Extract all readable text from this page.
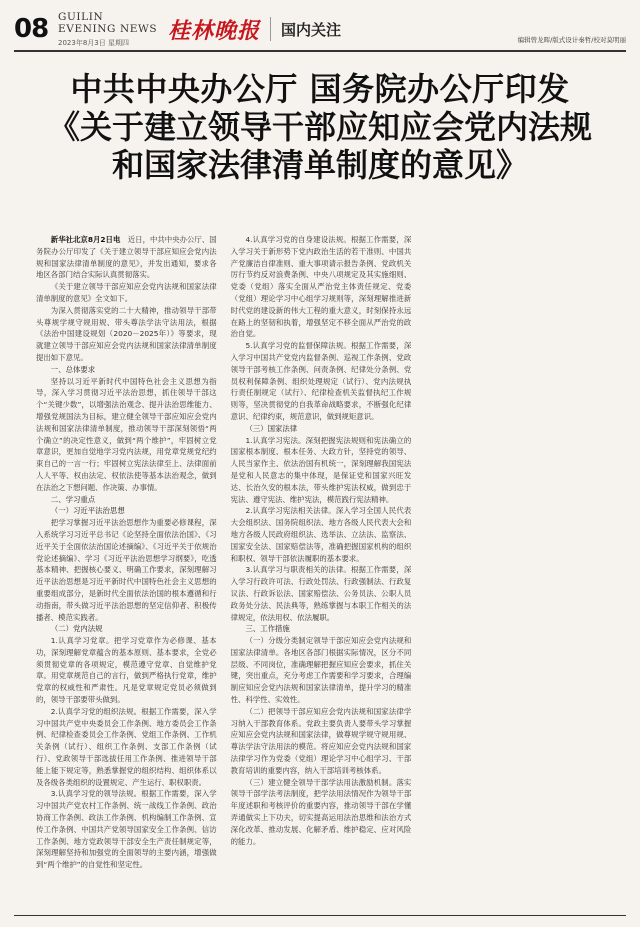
08 GUILIN EVENING NEWS
2023年8月3日 星期四	桂林晚报 国内关注
编辑曾龙晖/版式设计秦哲/校对莫明丽
中共中央办公厅 国务院办公厅印发
《关于建立领导干部应知应会党内法规
和国家法律清单制度的意见》

新华社北京8月2日电　 近日，中共中央办公厅、国务院办公厅印发了《关于建立领导干部应知应会党内法规和国家法律清单制度的意见》，并发出通知，要求各地区各部门结合实际认真贯彻落实。

《关于建立领导干部应知应会党内法规和国家法律清单制度的意见》全文如下。

为深入贯彻落实党的二十大精神，推动领导干部带头尊规学规守规用规、带头尊法学法守法用法，根据《法治中国建设规划（2020－2025年）》等要求，现就建立领导干部应知应会党内法规和国家法律清单制度提出如下意见。

一、总体要求

坚持以习近平新时代中国特色社会主义思想为指导，深入学习贯彻习近平法治思想，抓住领导干部这个“关键少数”，以增强法治观念、提升法治思维能力、增强党规国法为目标，建立健全领导干部应知应会党内法规和国家法律清单制度，推动领导干部深刻领悟“两个确立”的决定性意义，做到“两个维护”，牢固树立党章意识，更加自觉地学习党内法规，用党章党规党纪约束自己的一言一行；牢固树立宪法法律至上、法律面前人人平等、权由法定、权依法使等基本法治观念，做到在法治之下想问题、作决策、办事情。

二、学习重点

（一）习近平法治思想

把学习掌握习近平法治思想作为重要必修课程，深入系统学习习近平总书记《论坚持全面依法治国》、《习近平关于全面依法治国论述摘编》、《习近平关于依规治党论述摘编》、学习《习近平法治思想学习纲要》，吃透基本精神、把握核心要义、明确工作要求，深刻理解习近平法治思想是习近平新时代中国特色社会主义思想的重要组成部分，是新时代全面依法治国的根本遵循和行动指南，带头做习近平法治思想的坚定信仰者、积极传播者、模范实践者。

（二）党内法规

1.认真学习党章。把学习党章作为必修课、基本功，深刻理解党章蕴含的基本原则、基本要求，全党必须贯彻党章的各项规定，模范遵守党章、自觉维护党章。用党章规范自己的言行，做到严格执行党章，维护党章的权威性和严肃性。凡是党章规定党员必须做到的，领导干部要带头做到。

2.认真学习党的组织法规。根据工作需要，深入学习中国共产党中央委员会工作条例、地方委员会工作条例、纪律检查委员会工作条例、党组工作条例、工作机关条例（试行）、组织工作条例、支部工作条例（试行）、党政领导干部选拔任用工作条例、推进领导干部能上能下规定等，熟悉掌握党的组织结构、组织体系以及各级各类组织的设置规定、产生运行、职权职责。

3.认真学习党的领导法规。根据工作需要，深入学习中国共产党农村工作条例、统一战线工作条例、政治协商工作条例、政法工作条例、机构编制工作条例、宣传工作条例、中国共产党领导国家安全工作条例、信访工作条例、地方党政领导干部安全生产责任制规定等，深刻理解坚持和加强党的全面领导的主要内涵，增强做到“两个维护”的自觉性和坚定性。

4.认真学习党的自身建设法规。根据工作需要，深入学习关于新形势下党内政治生活的若干准则、中国共产党廉洁自律准则、重大事项请示报告条例、党政机关厉行节约反对浪费条例、中央八项规定及其实施细则、党委（党组）落实全面从严治党主体责任规定、党委（党组）理论学习中心组学习规则等，深刻理解推进新时代党的建设新的伟大工程的重大意义，时刻保持永远在路上的坚韧和执着，增强坚定不移全面从严治党的政治自觉。

5.认真学习党的监督保障法规。根据工作需要，深入学习中国共产党党内监督条例、巡视工作条例、党政领导干部考核工作条例、问责条例、纪律处分条例、党员权利保障条例、组织处理规定（试行）、党内法规执行责任制规定（试行）、纪律检查机关监督执纪工作规则等，坚决贯彻党的自我革命战略要求，不断强化纪律意识、纪律约束，规范意识，做到规矩意识。

（三）国家法律

1.认真学习宪法。深刻把握宪法规则和宪法确立的国家根本制度、根本任务、大政方针，坚持党的领导、人民当家作主、依法治国有机统一，深刻理解我国宪法是党和人民意志的集中体现，是保证党和国家兴旺发达、长治久安的根本法，带头维护宪法权威，做到忠于宪法、遵守宪法、维护宪法，模范践行宪法精神。

2.认真学习宪法相关法律。深入学习全国人民代表大会组织法、国务院组织法、地方各级人民代表大会和地方各级人民政府组织法、选举法、立法法、监察法、国家安全法、国家赔偿法等，准确把握国家机构的组织和职权、领导干部依法履职的基本要求。

3.认真学习与职责相关的法律。根据工作需要，深入学习行政许可法、行政处罚法、行政强制法、行政复议法、行政诉讼法、国家赔偿法、公务员法、公职人员政务处分法、民法典等，熟练掌握与本职工作相关的法律规定，依法用权、依法履职。

三、工作措施

（一）分级分类制定领导干部应知应会党内法规和国家法律清单。各地区各部门根据实际情况，区分不同层级、不同岗位，准确理解把握应知应会要求，抓住关键，突出重点，充分考虑工作需要和学习要求，合理编制应知应会党内法规和国家法律清单，提升学习的精准性、科学性、实效性。

（二）把领导干部应知应会党内法规和国家法律学习纳入干部教育体系。党政主要负责人要带头学习掌握应知应会党内法规和国家法律，做尊规学规守规用规、尊法学法守法用法的模范。将应知应会党内法规和国家法律学习作为党委（党组）理论学习中心组学习、干部教育培训的重要内容，纳入干部培训考核体系。

（三）建立健全领导干部学法用法激励机制。落实领导干部学法考法制度，把学法用法情况作为领导干部年度述职和考核评价的重要内容，推动领导干部在学懂弄通做实上下功夫，切实提高运用法治思维和法治方式深化改革、推动发展、化解矛盾、维护稳定、应对风险的能力。
